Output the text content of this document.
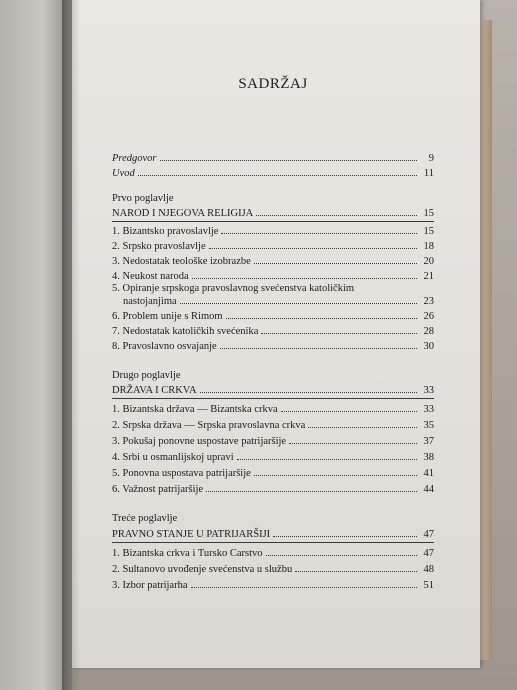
SADRŽAJ
Predgovor	9
Uvod	11
Prvo poglavlje
NAROD I NJEGOVA RELIGIJA	15
1. Bizantsko pravoslavlje	15
2. Srpsko pravoslavlje	18
3. Nedostatak teološke izobrazbe	20
4. Neukost naroda	21
5. Opiranje srpskoga pravoslavnog svećenstva katoličkim
nastojanjima	23
6. Problem unije s Rimom	26
7. Nedostatak katoličkih svećenika	28
8. Pravoslavno osvajanje	30
Drugo poglavlje
DRŽAVA I CRKVA	33
1. Bizantska država — Bizantska crkva	33
2. Srpska država — Srpska pravoslavna crkva	35
3. Pokušaj ponovne uspostave patrijaršije	37
4. Srbi u osmanlijskoj upravi	38
5. Ponovna uspostava patrijaršije	41
6. Važnost patrijaršije	44
Treće poglavlje
PRAVNO STANJE U PATRIJARŠIJI	47
1. Bizantska crkva i Tursko Carstvo	47
2. Sultanovo uvođenje svećenstva u službu	48
3. Izbor patrijarha	51
